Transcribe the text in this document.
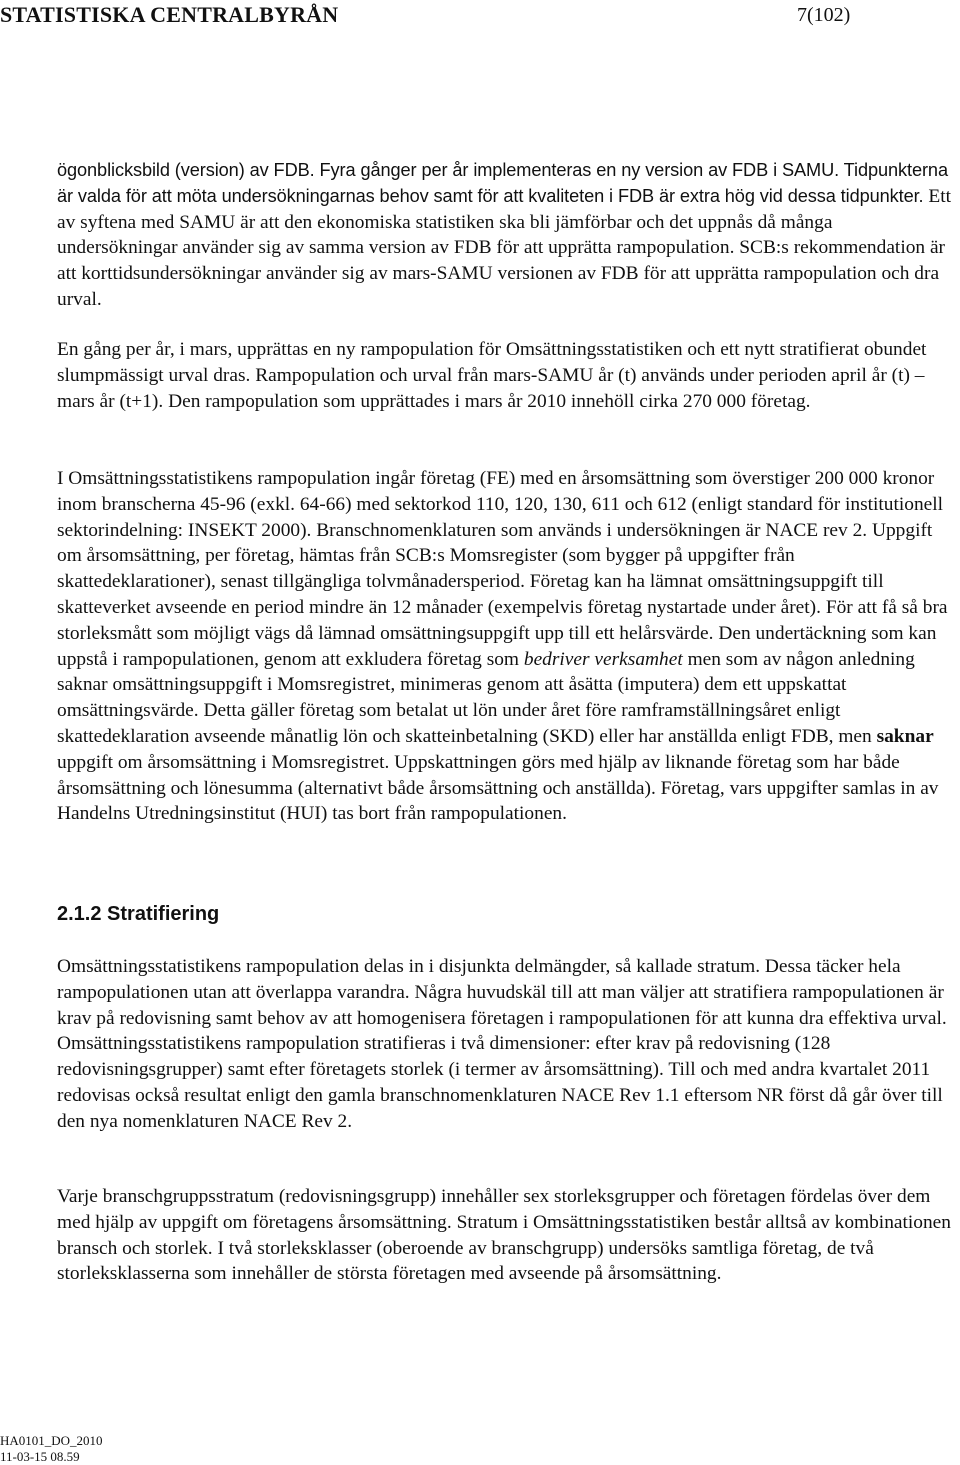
STATISTISKA CENTRALBYRÅN	7(102)

ögonblicksbild (version) av FDB. Fyra gånger per år implementeras en ny version av FDB i SAMU. Tidpunkterna är valda för att möta undersökningarnas behov samt för att kvaliteten i FDB är extra hög vid dessa tidpunkter. Ett av syftena med SAMU är att den ekonomiska statistiken ska bli jämförbar och det uppnås då många undersökningar använder sig av samma version av FDB för att upprätta rampopulation. SCB:s rekommendation är att korttidsundersökningar använder sig av mars-SAMU versionen av FDB för att upprätta rampopulation och dra urval.

En gång per år, i mars, upprättas en ny rampopulation för Omsättningsstatistiken och ett nytt stratifierat obundet slumpmässigt urval dras. Rampopulation och urval från mars-SAMU år (t) används under perioden april år (t) – mars år (t+1). Den rampopulation som upprättades i mars år 2010 innehöll cirka 270 000 företag.

I Omsättningsstatistikens rampopulation ingår företag (FE) med en årsomsättning som överstiger 200 000 kronor inom branscherna 45-96 (exkl. 64-66) med sektorkod 110, 120, 130, 611 och 612 (enligt standard för institutionell sektorindelning: INSEKT 2000). Branschnomenklaturen som används i undersökningen är NACE rev 2. Uppgift om årsomsättning, per företag, hämtas från SCB:s Momsregister (som bygger på uppgifter från skattedeklarationer), senast tillgängliga tolvmånadersperiod. Företag kan ha lämnat omsättningsuppgift till skatteverket avseende en period mindre än 12 månader (exempelvis företag nystartade under året). För att få så bra storleksmått som möjligt vägs då lämnad omsättningsuppgift upp till ett helårsvärde. Den undertäckning som kan uppstå i rampopulationen, genom att exkludera företag som bedriver verksamhet men som av någon anledning saknar omsättningsuppgift i Momsregistret, minimeras genom att åsätta (imputera) dem ett uppskattat omsättningsvärde. Detta gäller företag som betalat ut lön under året före ramframställningsåret enligt skattedeklaration avseende månatlig lön och skatteinbetalning (SKD) eller har anställda enligt FDB, men saknar uppgift om årsomsättning i Momsregistret. Uppskattningen görs med hjälp av liknande företag som har både årsomsättning och lönesumma (alternativt både årsomsättning och anställda). Företag, vars uppgifter samlas in av Handelns Utredningsinstitut (HUI) tas bort från rampopulationen.

2.1.2 Stratifiering

Omsättningsstatistikens rampopulation delas in i disjunkta delmängder, så kallade stratum. Dessa täcker hela rampopulationen utan att överlappa varandra. Några huvudskäl till att man väljer att stratifiera rampopulationen är krav på redovisning samt behov av att homogenisera företagen i rampopulationen för att kunna dra effektiva urval. Omsättningsstatistikens rampopulation stratifieras i två dimensioner: efter krav på redovisning (128 redovisningsgrupper) samt efter företagets storlek (i termer av årsomsättning). Till och med andra kvartalet 2011 redovisas också resultat enligt den gamla branschnomenklaturen NACE Rev 1.1 eftersom NR först då går över till den nya nomenklaturen NACE Rev 2.

Varje branschgruppsstratum (redovisningsgrupp) innehåller sex storleksgrupper och företagen fördelas över dem med hjälp av uppgift om företagens årsomsättning. Stratum i Omsättningsstatistiken består alltså av kombinationen bransch och storlek. I två storleksklasser (oberoende av branschgrupp) undersöks samtliga företag, de två storleksklasserna som innehåller de största företagen med avseende på årsomsättning.

HA0101_DO_2010
11-03-15 08.59
